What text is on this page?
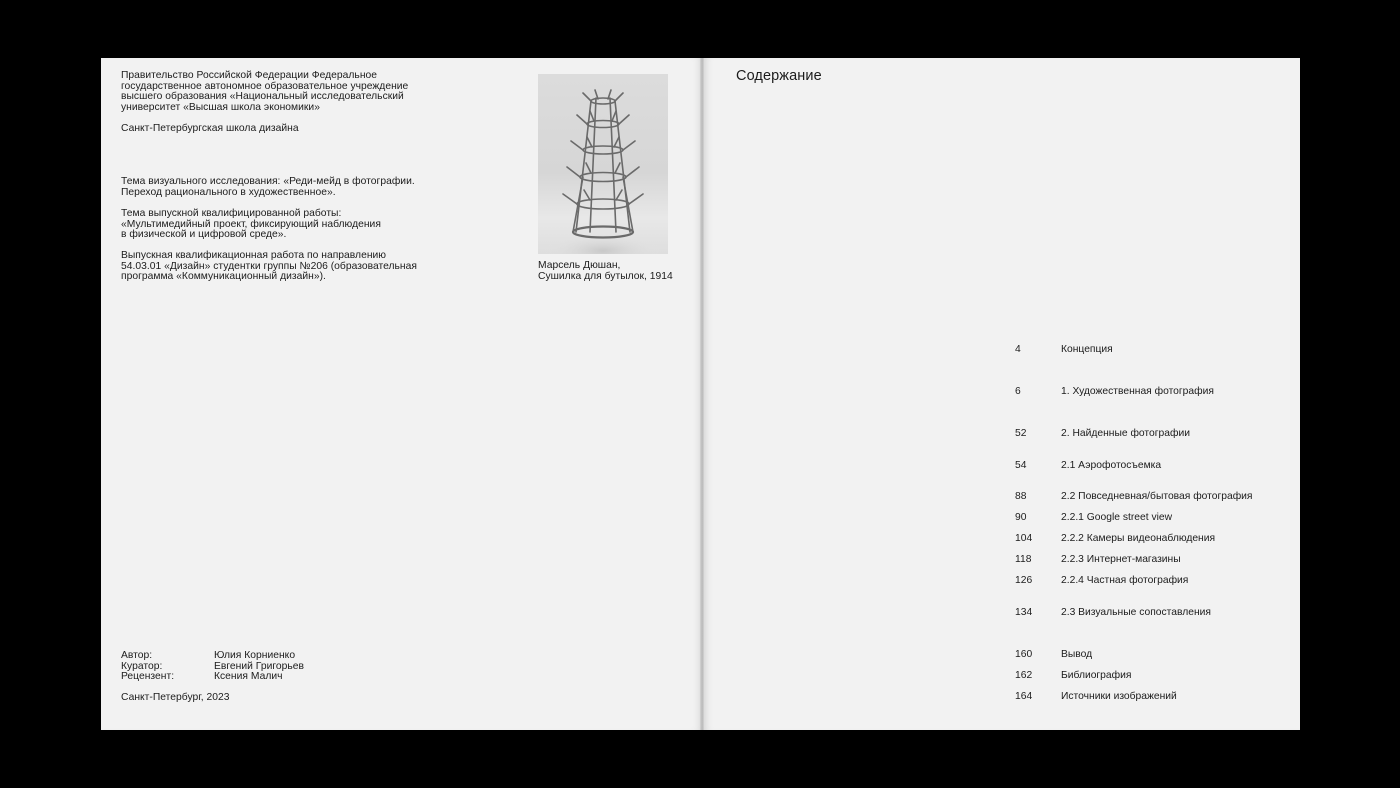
Правительство Российской Федерации Федеральное
государственное автономное образовательное учреждение
высшего образования «Национальный исследовательский
университет «Высшая школа экономики»
Санкт-Петербургская школа дизайна
Тема визуального исследования: «Реди-мейд в фотографии.
Переход рационального в художественное».
Тема выпускной квалифицированной работы:
«Мультимедийный проект, фиксирующий наблюдения
в физической и цифровой среде».
Выпускная квалификационная работа по направлению
54.03.01 «Дизайн» студентки группы №206 (образовательная
программа «Коммуникационный дизайн»).
Марсель Дюшан,
Сушилка для бутылок, 1914
Автор:	Юлия Корниенко
Куратор:	Евгений Григорьев
Рецензент:	Ксения Малич
Санкт-Петербург, 2023
Содержание
4	Концепция
6	1. Художественная фотография
52	2. Найденные фотографии
54	2.1 Аэрофотосъемка
88	2.2 Повседневная/бытовая фотография
90	2.2.1 Google street view
104	2.2.2 Камеры видеонаблюдения
118	2.2.3 Интернет-магазины
126	2.2.4 Частная фотография
134	2.3 Визуальные сопоставления
160	Вывод
162	Библиография
164	Источники изображений
